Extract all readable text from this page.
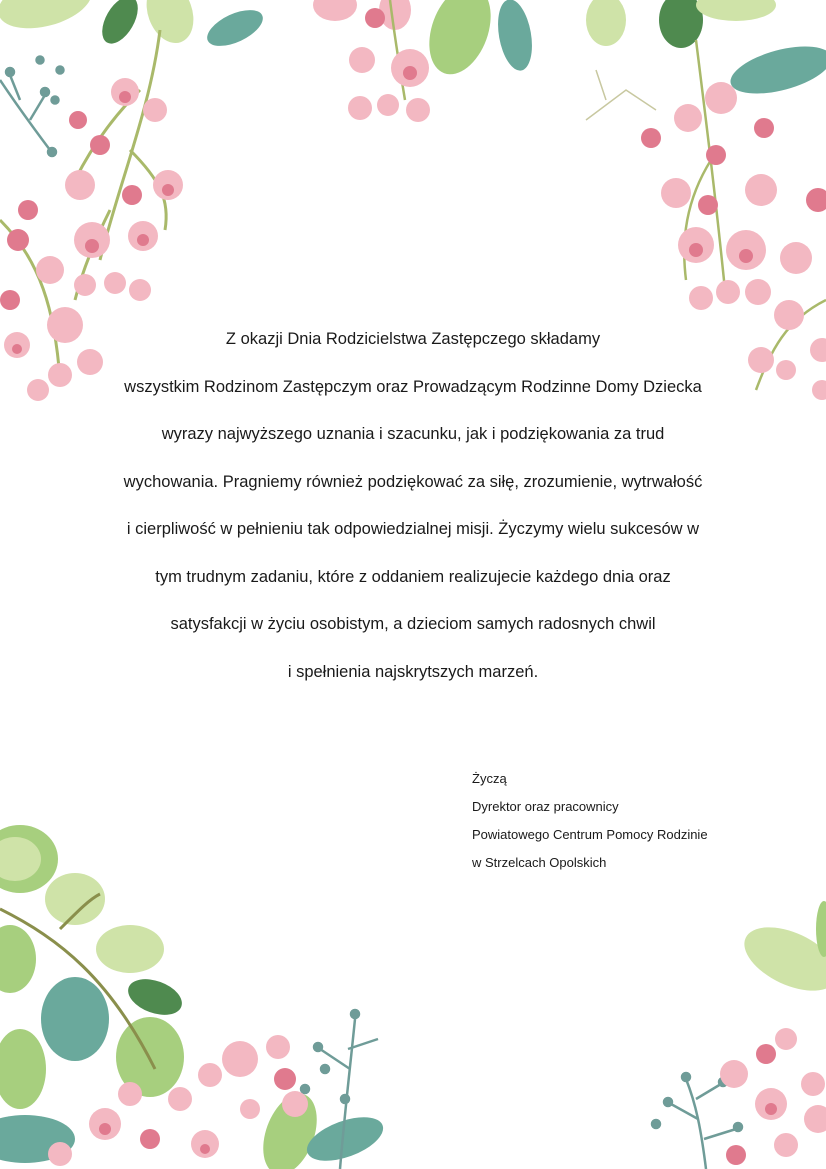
Z okazji Dnia Rodzicielstwa Zastępczego składamy
wszystkim Rodzinom Zastępczym oraz Prowadzącym Rodzinne Domy Dziecka
wyrazy najwyższego uznania i szacunku, jak i podziękowania za trud
wychowania. Pragniemy również podziękować za siłę, zrozumienie, wytrwałość
i cierpliwość w pełnieniu tak odpowiedzialnej misji. Życzymy wielu sukcesów w
tym trudnym zadaniu, które z oddaniem realizujecie każdego dnia oraz
satysfakcji w życiu osobistym, a dzieciom samych radosnych chwil
i spełnienia najskrytszych marzeń.
Życzą
Dyrektor oraz pracownicy
Powiatowego Centrum Pomocy Rodzinie
w Strzelcach Opolskich
